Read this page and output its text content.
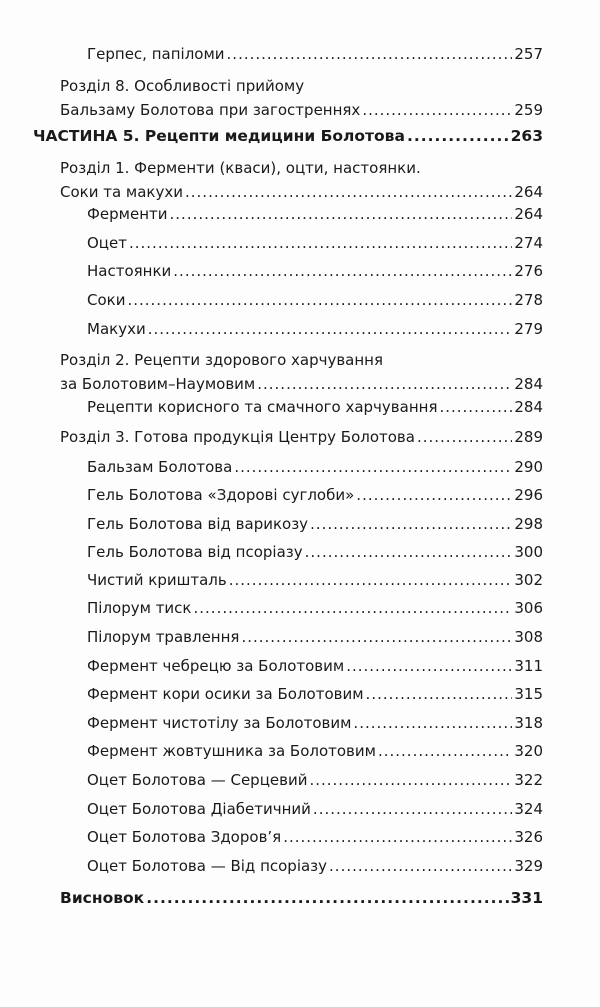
Герпес, папіломи .....	257
Розділ 8. Особливості прийому
Бальзаму Болотова при загостреннях .....	259
ЧАСТИНА 5. Рецепти медицини Болотова .....	263
Розділ 1. Ферменти (кваси), оцти, настоянки.
Соки та макухи .....	264
Ферменти .....	264
Оцет .....	274
Настоянки .....	276
Соки .....	278
Макухи .....	279
Розділ 2. Рецепти здорового харчування
за Болотовим–Наумовим .....	284
Рецепти корисного та смачного харчування .....	284
Розділ 3. Готова продукція Центру Болотова .....	289
Бальзам Болотова .....	290
Гель Болотова «Здорові суглоби» .....	296
Гель Болотова від варикозу .....	298
Гель Болотова від псоріазу .....	300
Чистий кришталь .....	302
Пілорум тиск .....	306
Пілорум травлення .....	308
Фермент чебрецю за Болотовим .....	311
Фермент кори осики за Болотовим .....	315
Фермент чистотілу за Болотовим .....	318
Фермент жовтушника за Болотовим .....	320
Оцет Болотова — Серцевий .....	322
Оцет Болотова Діабетичний .....	324
Оцет Болотова Здоров’я .....	326
Оцет Болотова — Від псоріазу .....	329
Висновок .....	331
